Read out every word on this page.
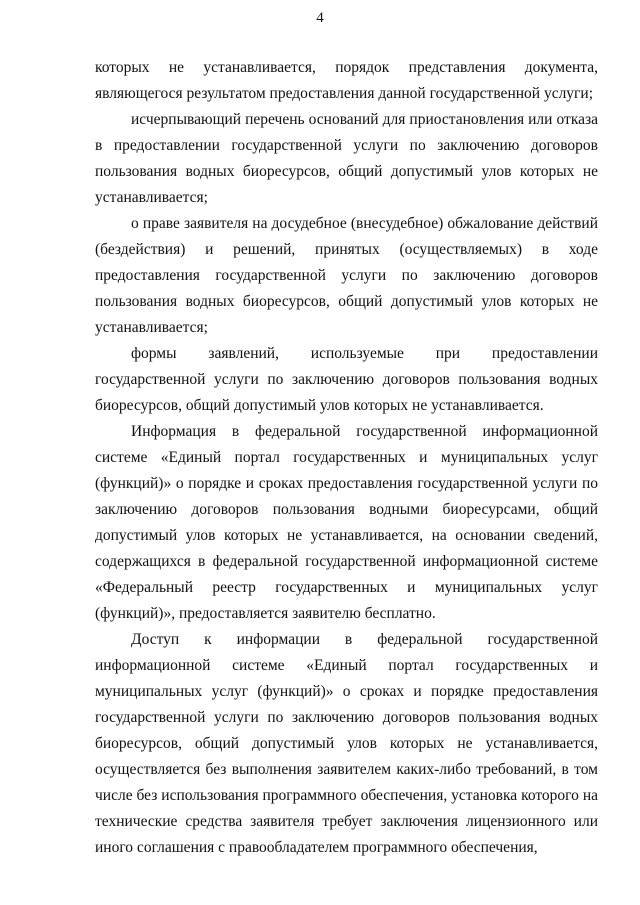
4

которых не устанавливается, порядок представления документа, являющегося результатом предоставления данной государственной услуги;

исчерпывающий перечень оснований для приостановления или отказа в предоставлении государственной услуги по заключению договоров пользования водных биоресурсов, общий допустимый улов которых не устанавливается;

о праве заявителя на досудебное (внесудебное) обжалование действий (бездействия) и решений, принятых (осуществляемых) в ходе предоставления государственной услуги по заключению договоров пользования водных биоресурсов, общий допустимый улов которых не устанавливается;

формы заявлений, используемые при предоставлении государственной услуги по заключению договоров пользования водных биоресурсов, общий допустимый улов которых не устанавливается.

Информация в федеральной государственной информационной системе «Единый портал государственных и муниципальных услуг (функций)» о порядке и сроках предоставления государственной услуги по заключению договоров пользования водными биоресурсами, общий допустимый улов которых не устанавливается, на основании сведений, содержащихся в федеральной государственной информационной системе «Федеральный реестр государственных и муниципальных услуг (функций)», предоставляется заявителю бесплатно.

Доступ к информации в федеральной государственной информационной системе «Единый портал государственных и муниципальных услуг (функций)» о сроках и порядке предоставления государственной услуги по заключению договоров пользования водных биоресурсов, общий допустимый улов которых не устанавливается, осуществляется без выполнения заявителем каких-либо требований, в том числе без использования программного обеспечения, установка которого на технические средства заявителя требует заключения лицензионного или иного соглашения с правообладателем программного обеспечения,
